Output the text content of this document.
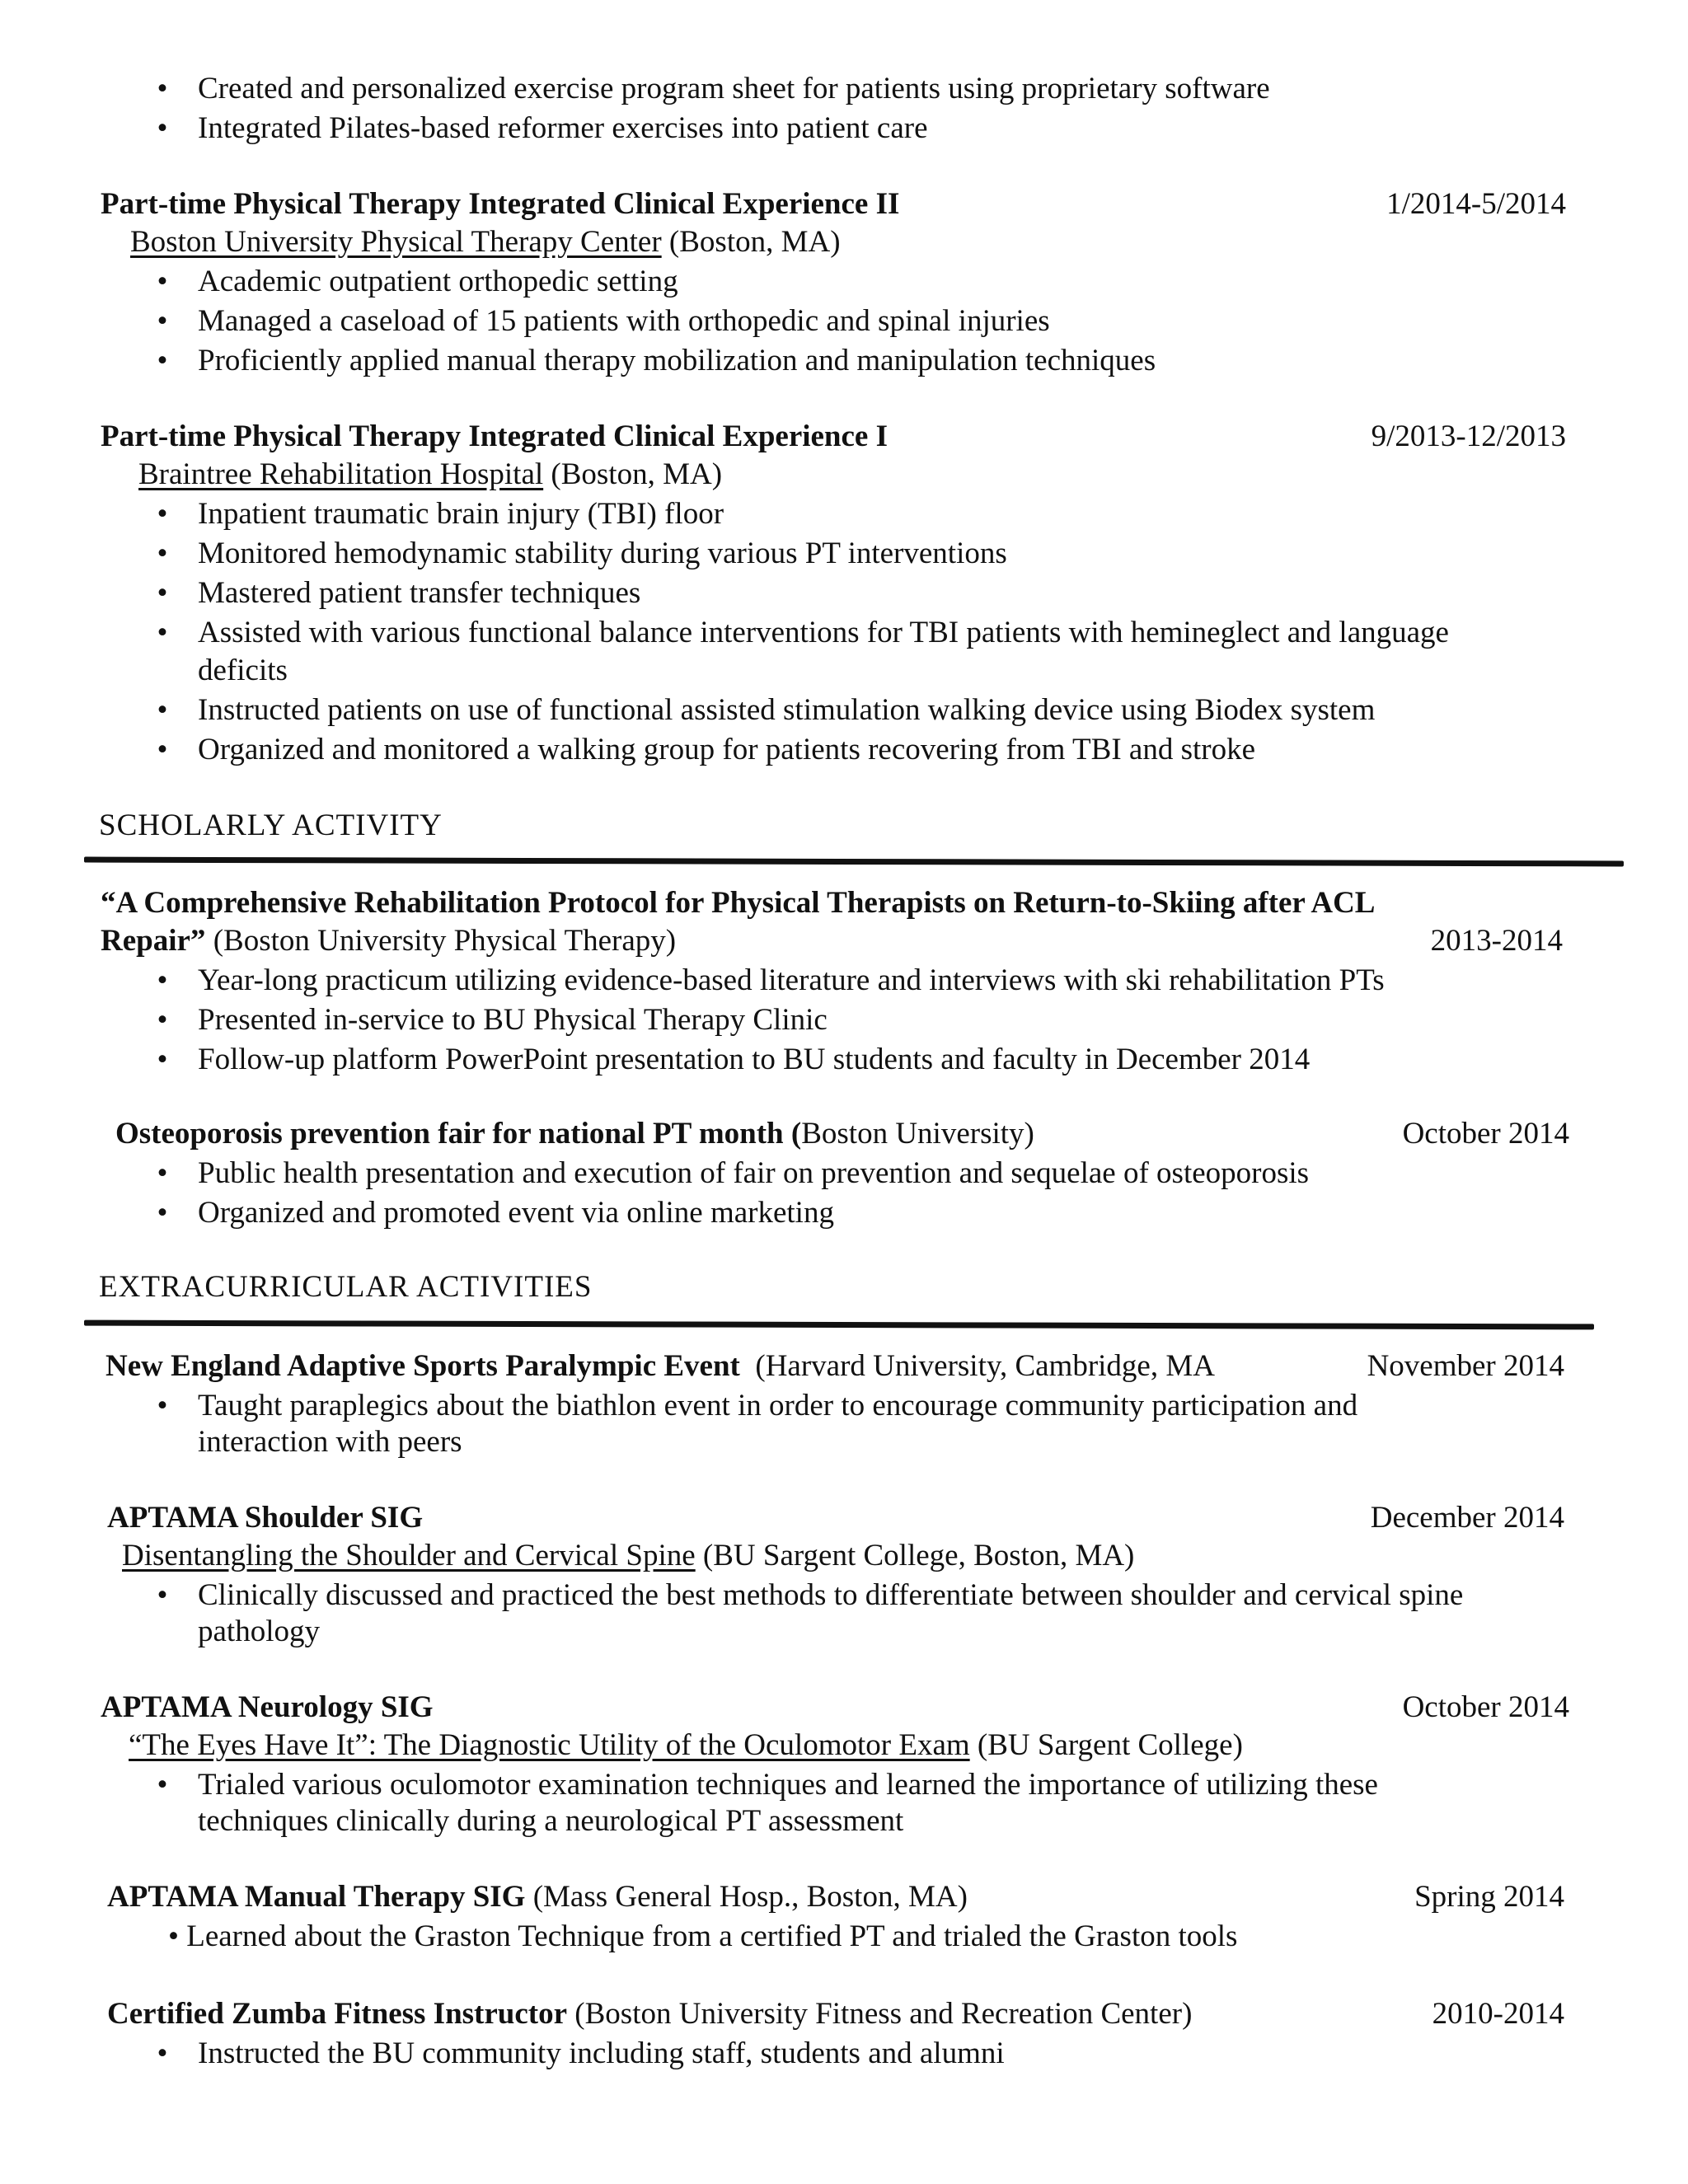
• Created and personalized exercise program sheet for patients using proprietary software
• Integrated Pilates-based reformer exercises into patient care
Part-time Physical Therapy Integrated Clinical Experience II	1/2014-5/2014
Boston University Physical Therapy Center (Boston, MA)
• Academic outpatient orthopedic setting
• Managed a caseload of 15 patients with orthopedic and spinal injuries
• Proficiently applied manual therapy mobilization and manipulation techniques
Part-time Physical Therapy Integrated Clinical Experience I	9/2013-12/2013
Braintree Rehabilitation Hospital (Boston, MA)
• Inpatient traumatic brain injury (TBI) floor
• Monitored hemodynamic stability during various PT interventions
• Mastered patient transfer techniques
• Assisted with various functional balance interventions for TBI patients with hemineglect and language
deficits
• Instructed patients on use of functional assisted stimulation walking device using Biodex system
• Organized and monitored a walking group for patients recovering from TBI and stroke
SCHOLARLY ACTIVITY
“A Comprehensive Rehabilitation Protocol for Physical Therapists on Return-to-Skiing after ACL
Repair” (Boston University Physical Therapy)	2013-2014
• Year-long practicum utilizing evidence-based literature and interviews with ski rehabilitation PTs
• Presented in-service to BU Physical Therapy Clinic
• Follow-up platform PowerPoint presentation to BU students and faculty in December 2014
Osteoporosis prevention fair for national PT month (Boston University)	October 2014
• Public health presentation and execution of fair on prevention and sequelae of osteoporosis
• Organized and promoted event via online marketing
EXTRACURRICULAR ACTIVITIES
New England Adaptive Sports Paralympic Event (Harvard University, Cambridge, MA	November 2014
• Taught paraplegics about the biathlon event in order to encourage community participation and
interaction with peers
APTAMA Shoulder SIG	December 2014
Disentangling the Shoulder and Cervical Spine (BU Sargent College, Boston, MA)
• Clinically discussed and practiced the best methods to differentiate between shoulder and cervical spine
pathology
APTAMA Neurology SIG	October 2014
“The Eyes Have It”: The Diagnostic Utility of the Oculomotor Exam (BU Sargent College)
• Trialed various oculomotor examination techniques and learned the importance of utilizing these
techniques clinically during a neurological PT assessment
APTAMA Manual Therapy SIG (Mass General Hosp., Boston, MA)	Spring 2014
• Learned about the Graston Technique from a certified PT and trialed the Graston tools
Certified Zumba Fitness Instructor (Boston University Fitness and Recreation Center)	2010-2014
• Instructed the BU community including staff, students and alumni
